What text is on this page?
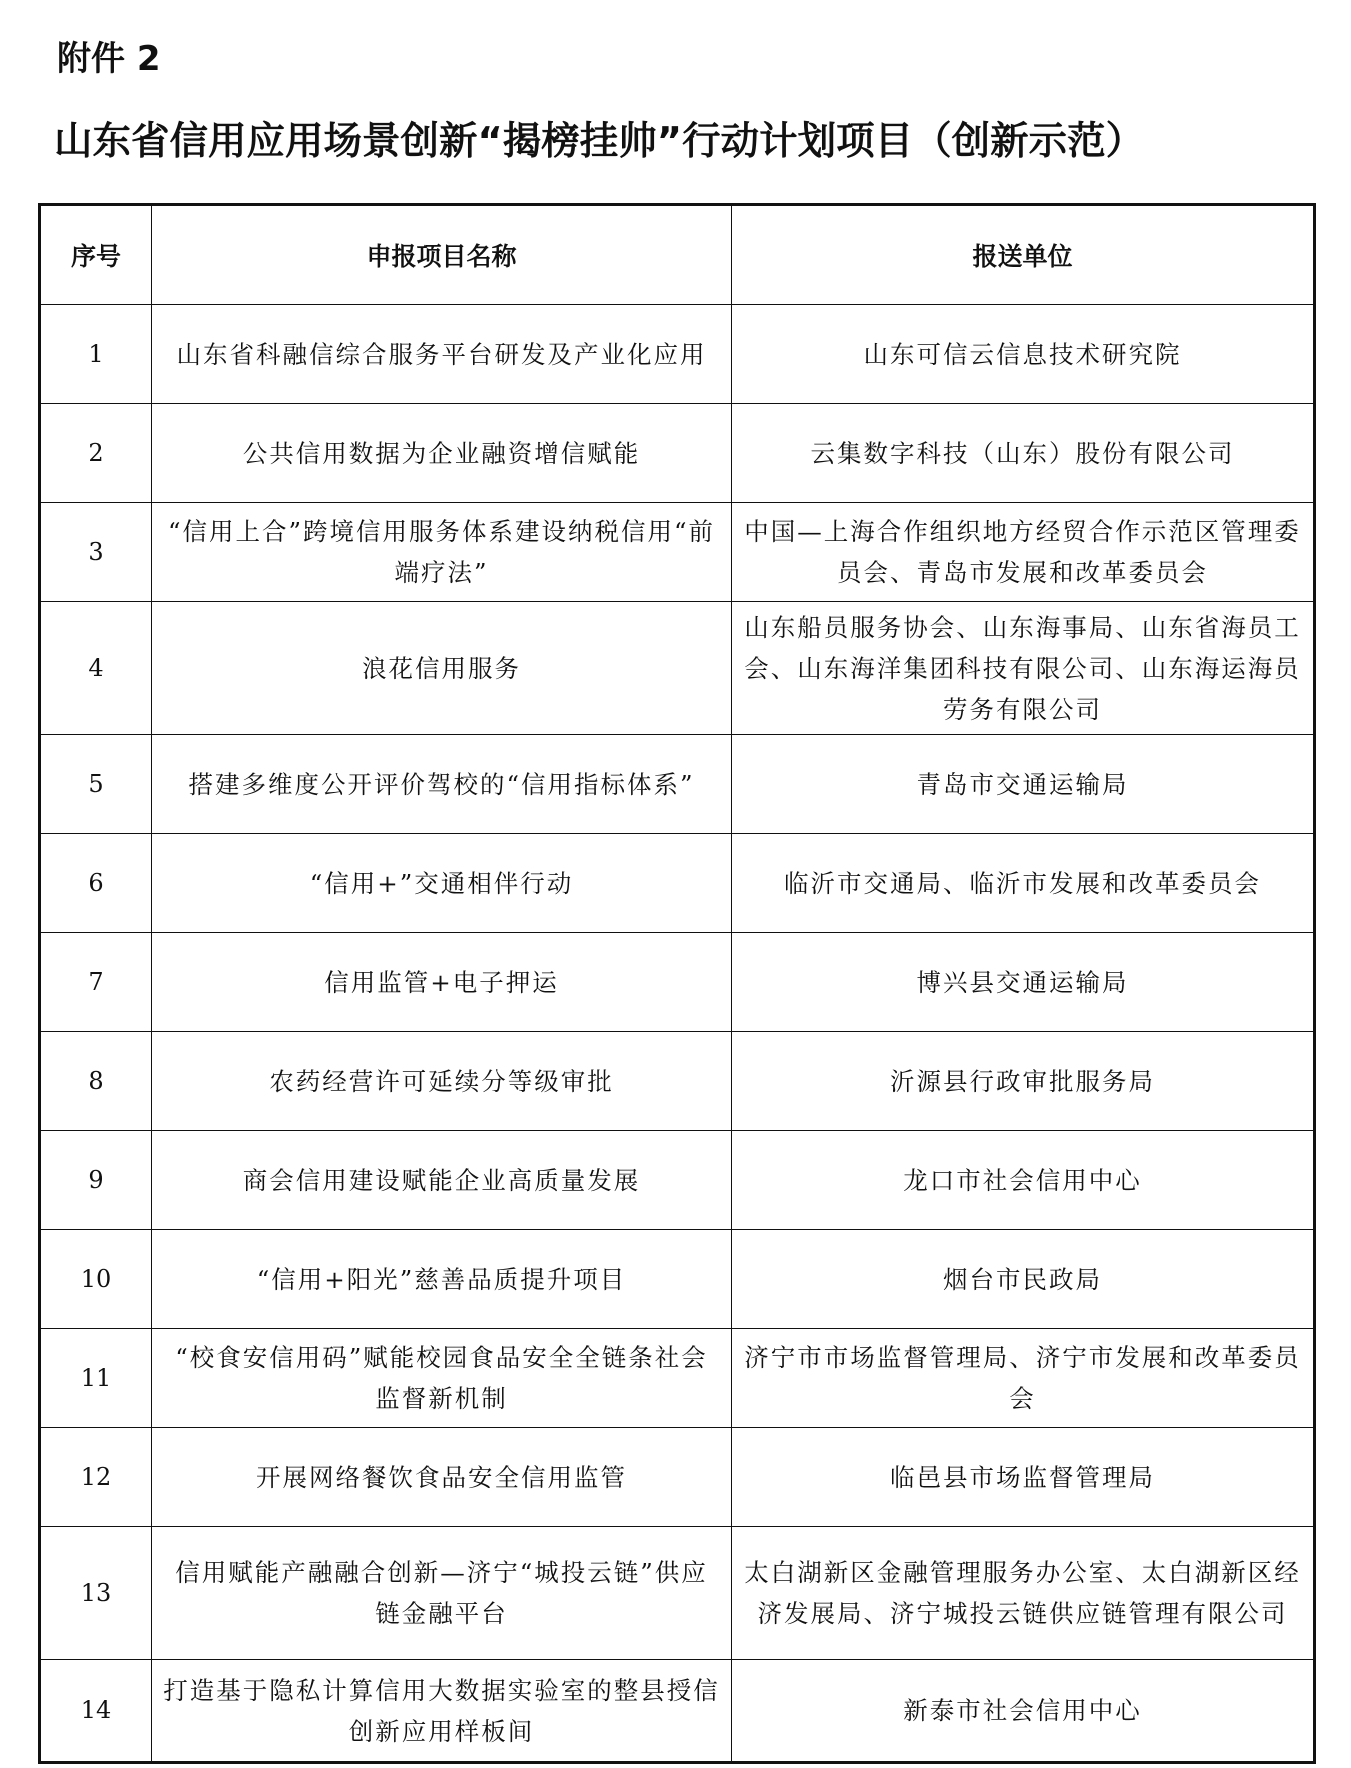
附件 2
山东省信用应用场景创新“揭榜挂帅”行动计划项目（创新示范）
序号	申报项目名称	报送单位
1	山东省科融信综合服务平台研发及产业化应用	山东可信云信息技术研究院
2	公共信用数据为企业融资增信赋能	云集数字科技（山东）股份有限公司
3	“信用上合”跨境信用服务体系建设纳税信用“前端疗法”	中国—上海合作组织地方经贸合作示范区管理委员会、青岛市发展和改革委员会
4	浪花信用服务	山东船员服务协会、山东海事局、山东省海员工会、山东海洋集团科技有限公司、山东海运海员劳务有限公司
5	搭建多维度公开评价驾校的“信用指标体系”	青岛市交通运输局
6	“信用+”交通相伴行动	临沂市交通局、临沂市发展和改革委员会
7	信用监管+电子押运	博兴县交通运输局
8	农药经营许可延续分等级审批	沂源县行政审批服务局
9	商会信用建设赋能企业高质量发展	龙口市社会信用中心
10	“信用+阳光”慈善品质提升项目	烟台市民政局
11	“校食安信用码”赋能校园食品安全全链条社会监督新机制	济宁市市场监督管理局、济宁市发展和改革委员会
12	开展网络餐饮食品安全信用监管	临邑县市场监督管理局
13	信用赋能产融融合创新—济宁“城投云链”供应链金融平台	太白湖新区金融管理服务办公室、太白湖新区经济发展局、济宁城投云链供应链管理有限公司
14	打造基于隐私计算信用大数据实验室的整县授信创新应用样板间	新泰市社会信用中心
